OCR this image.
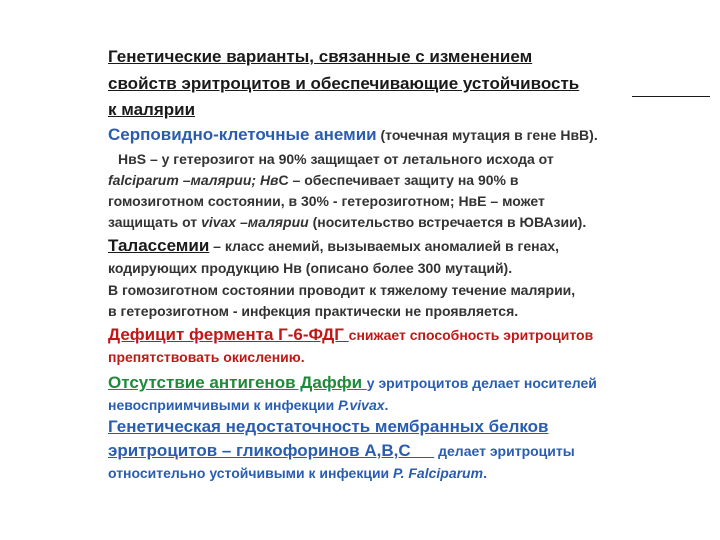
Генетические варианты, связанные с изменением
свойств эритроцитов и обеспечивающие устойчивость
к малярии
Серповидно-клеточные анемии (точечная мутация в гене НвВ).
НвS – у гетерозигот на 90% защищает от летального исхода от
falciparum –малярии; НвC – обеспечивает защиту на 90% в
гомозиготном состоянии, в 30% - гетерозиготном; НвЕ – может
защищать от vivax –малярии (носительство встречается в ЮВАзии).
Талассемии – класс анемий, вызываемых аномалией в генах,
кодирующих продукцию Нв (описано более 300 мутаций).
В гомозиготном состоянии проводит к тяжелому течение малярии,
в гетерозиготном - инфекция практически не проявляется.
Дефицит фермента Г-6-ФДГ снижает способность эритроцитов
препятствовать окислению.
Отсутствие антигенов Даффи у эритроцитов делает носителей
невосприимчивыми к инфекции P.vivax.
Генетическая недостаточность мембранных белков
эритроцитов – гликофоринов А,В,С      делает эритроциты
относительно устойчивыми к инфекции P. Falciparum.
